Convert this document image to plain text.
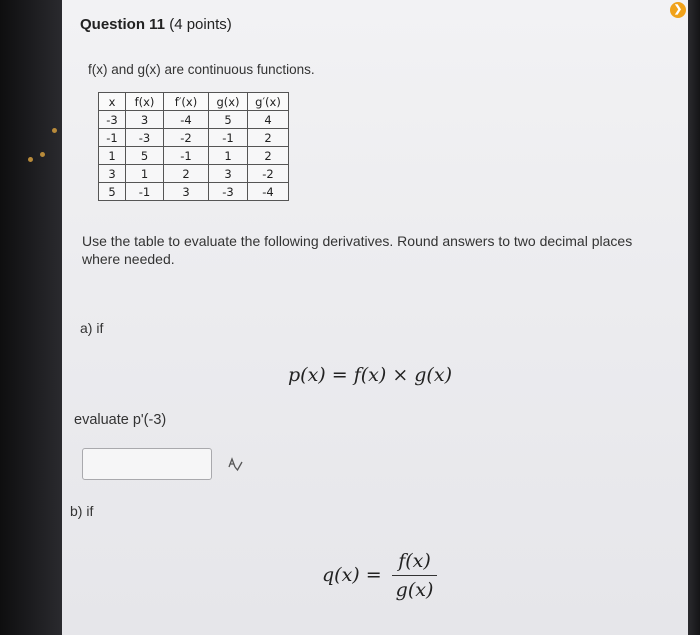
❯
Question 11 (4 points)
f(x) and g(x) are continuous functions.
x	f(x)	f′(x)	g(x)	g′(x)
-3	3	-4	5	4
-1	-3	-2	-1	2
1	5	-1	1	2
3	1	2	3	-2
5	-1	3	-3	-4
Use the table to evaluate the following derivatives. Round answers to two decimal places where needed.
a) if
p(x) = f(x) × g(x)
evaluate p'(-3)
b) if
$q(x) = \frac{f(x)}{g(x)}$
